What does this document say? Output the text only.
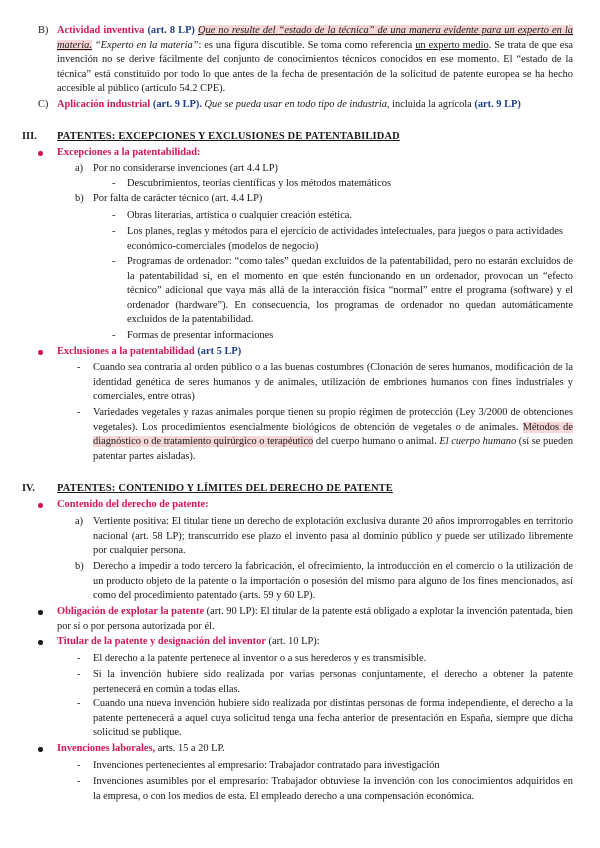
B) Actividad inventiva (art. 8 LP) Que no resulte del “estado de la técnica” de una manera evidente para un experto en la materia. “Experto en la materia”: es una figura discutible. Se toma como referencia un experto medio. Se trata de que esa invención no se derive fácilmente del conjunto de conocimientos técnicos conocidos en ese momento. El “estado de la técnica” está constituido por todo lo que antes de la fecha de presentación de la solicitud de patente europea se ha hecho accesible al público (artículo 54.2 CPE).
C) Aplicación industrial (art. 9 LP). Que se pueda usar en todo tipo de industria, incluida la agrícola (art. 9 LP)
III. PATENTES: EXCEPCIONES Y EXCLUSIONES DE PATENTABILIDAD
Excepciones a la patentabilidad:
a) Por no considerarse invenciones (art 4.4 LP)
- Descubrimientos, teorías científicas y los métodos matemáticos
b) Por falta de carácter técnico (art. 4.4 LP)
- Obras literarias, artística o cualquier creación estética.
- Los planes, reglas y métodos para el ejercicio de actividades intelectuales, para juegos o para actividades económico-comerciales (modelos de negocio)
- Programas de ordenador: “como tales” quedan excluidos de la patentabilidad, pero no estarán excluidos de la patentabilidad si, en el momento en que estén funcionando en un ordenador, provocan un “efecto técnico” adicional que vaya más allá de la interacción física “normal” entre el programa (software) y el ordenador (hardware”). En consecuencia, los programas de ordenador no quedan automáticamente excluidos de la patentabilidad.
- Formas de presentar informaciones
Exclusiones a la patentabilidad (art 5 LP)
- Cuando sea contraria al orden público o a las buenas costumbres (Clonación de seres humanos, modificación de la identidad genética de seres humanos y de animales, utilización de embriones humanos con fines industriales y comerciales, entre otras)
- Variedades vegetales y razas animales porque tienen su propio régimen de protección (Ley 3/2000 de obtenciones vegetales). Los procedimientos esencialmente biológicos de obtención de vegetales o de animales. Métodos de diagnóstico o de tratamiento quirúrgico o terapéutico del cuerpo humano o animal. El cuerpo humano (sí se pueden patentar partes aisladas).
IV. PATENTES: CONTENIDO Y LÍMITES DEL DERECHO DE PATENTE
Contenido del derecho de patente:
a) Vertiente positiva: El titular tiene un derecho de explotación exclusiva durante 20 años improrrogables en territorio nacional (art. 58 LP); transcurrido ese plazo el invento pasa al dominio público y puede ser utilizado libremente por cualquier persona.
b) Derecho a impedir a todo tercero la fabricación, el ofrecimiento, la introducción en el comercio o la utilización de un producto objeto de la patente o la importación o posesión del mismo para alguno de los fines mencionados, así como del procedimiento patentado (arts. 59 y 60 LP).
Obligación de explotar la patente (art. 90 LP): El titular de la patente está obligado a explotar la invención patentada, bien por sí o por persona autorizada por él.
Titular de la patente y designación del inventor (art. 10 LP):
- El derecho a la patente pertenece al inventor o a sus herederos y es transmisible.
- Si la invención hubiere sido realizada por varias personas conjuntamente, el derecho a obtener la patente pertenecerá en común a todas ellas.
- Cuando una nueva invención hubiere sido realizada por distintas personas de forma independiente, el derecho a la patente pertenecerá a aquel cuya solicitud tenga una fecha anterior de presentación en España, siempre que dicha solicitud se publique.
Invenciones laborales, arts. 15 a 20 LP.
- Invenciones pertenecientes al empresario: Trabajador contratado para investigación
- Invenciones asumibles por el empresario: Trabajador obtuviese la invención con los conocimientos adquiridos en la empresa, o con los medios de esta. El empleado derecho a una compensación económica.
